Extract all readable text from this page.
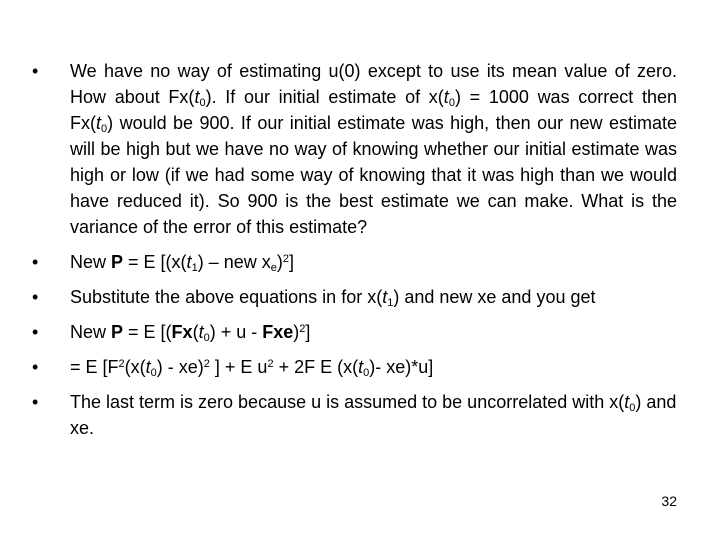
•	We have no way of estimating u(0) except to use its mean value of zero. How about $Fx(t_0)$. If our initial estimate of $x(t_0) = 1000$ was correct then $Fx(t_0)$ would be 900. If our initial estimate was high, then our new estimate will be high but we have no way of knowing whether our initial estimate was high or low (if we had some way of knowing that it was high than we would have reduced it). So 900 is the best estimate we can make. What is the variance of the error of this estimate?
•	New P = E [($x(t_1)$ – new $x_e)^2$]
•	Substitute the above equations in for $x(t_1)$ and new xe and you get
•	New P = E $[(Fx(t_0) + u - Fxe)^2]$
•	= E [$F^2(x(t_0) - xe)^2$ ] + E $u^2 + 2F$ E ($x(t_0)-$ xe)*u]
•	The last term is zero because u is assumed to be uncorrelated with $x(t_0)$ and xe.
32
